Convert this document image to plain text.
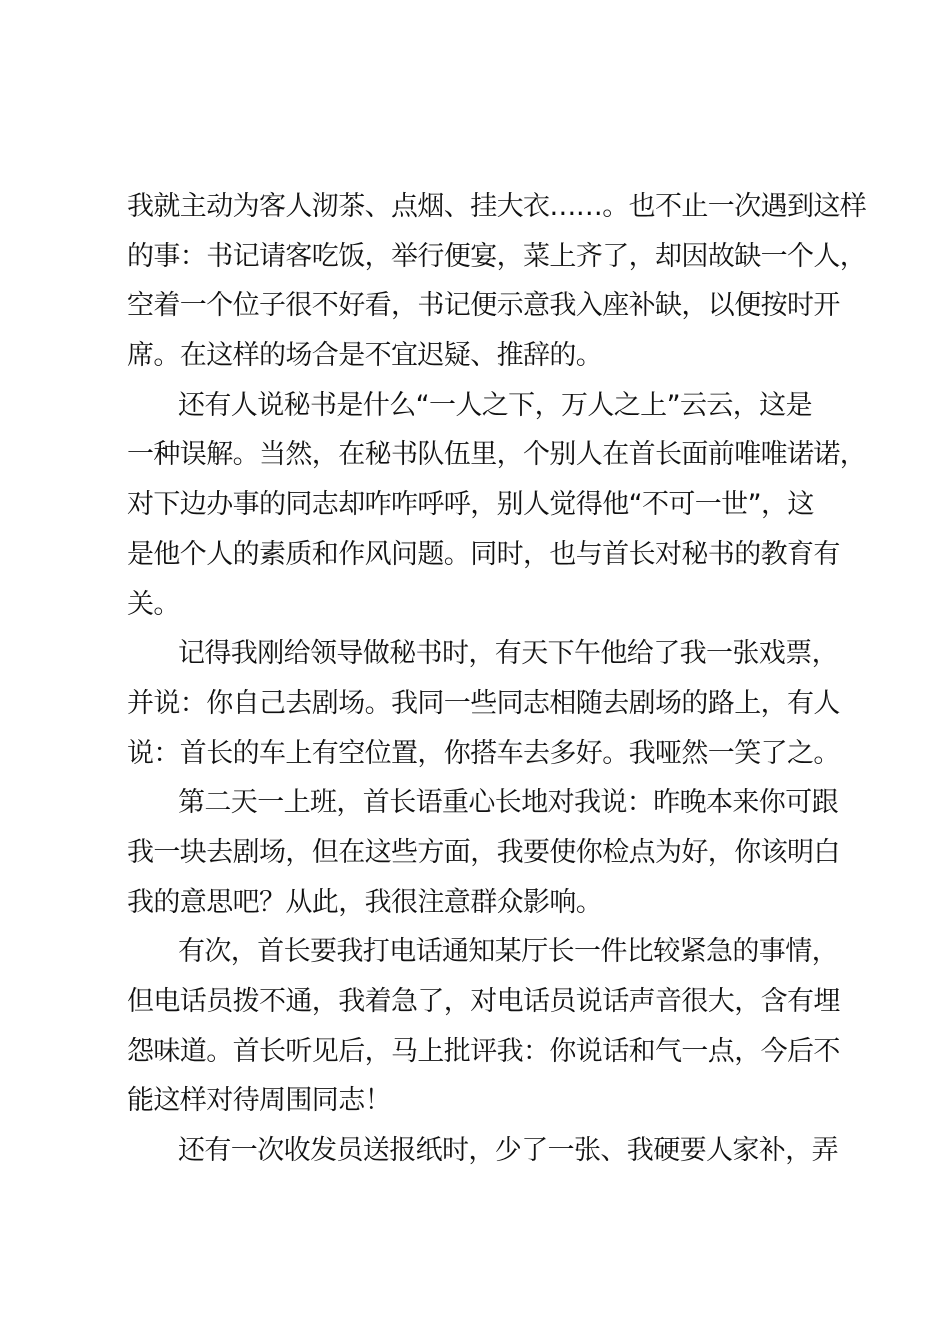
我就主动为客人沏茶、点烟、挂大衣……。也不止一次遇到这样
的事：书记请客吃饭，举行便宴，菜上齐了，却因故缺一个人，
空着一个位子很不好看，书记便示意我入座补缺，以便按时开
席。在这样的场合是不宜迟疑、推辞的。
还有人说秘书是什么“一人之下，万人之上”云云，这是
一种误解。当然，在秘书队伍里，个别人在首长面前唯唯诺诺，
对下边办事的同志却咋咋呼呼，别人觉得他“不可一世”，这
是他个人的素质和作风问题。同时，也与首长对秘书的教育有
关。
记得我刚给领导做秘书时，有天下午他给了我一张戏票，
并说：你自己去剧场。我同一些同志相随去剧场的路上，有人
说：首长的车上有空位置，你搭车去多好。我哑然一笑了之。
第二天一上班，首长语重心长地对我说：昨晚本来你可跟
我一块去剧场，但在这些方面，我要使你检点为好，你该明白
我的意思吧？从此，我很注意群众影响。
有次，首长要我打电话通知某厅长一件比较紧急的事情，
但电话员拨不通，我着急了，对电话员说话声音很大，含有埋
怨味道。首长听见后，马上批评我：你说话和气一点，今后不
能这样对待周围同志！
还有一次收发员送报纸时，少了一张、我硬要人家补，弄
